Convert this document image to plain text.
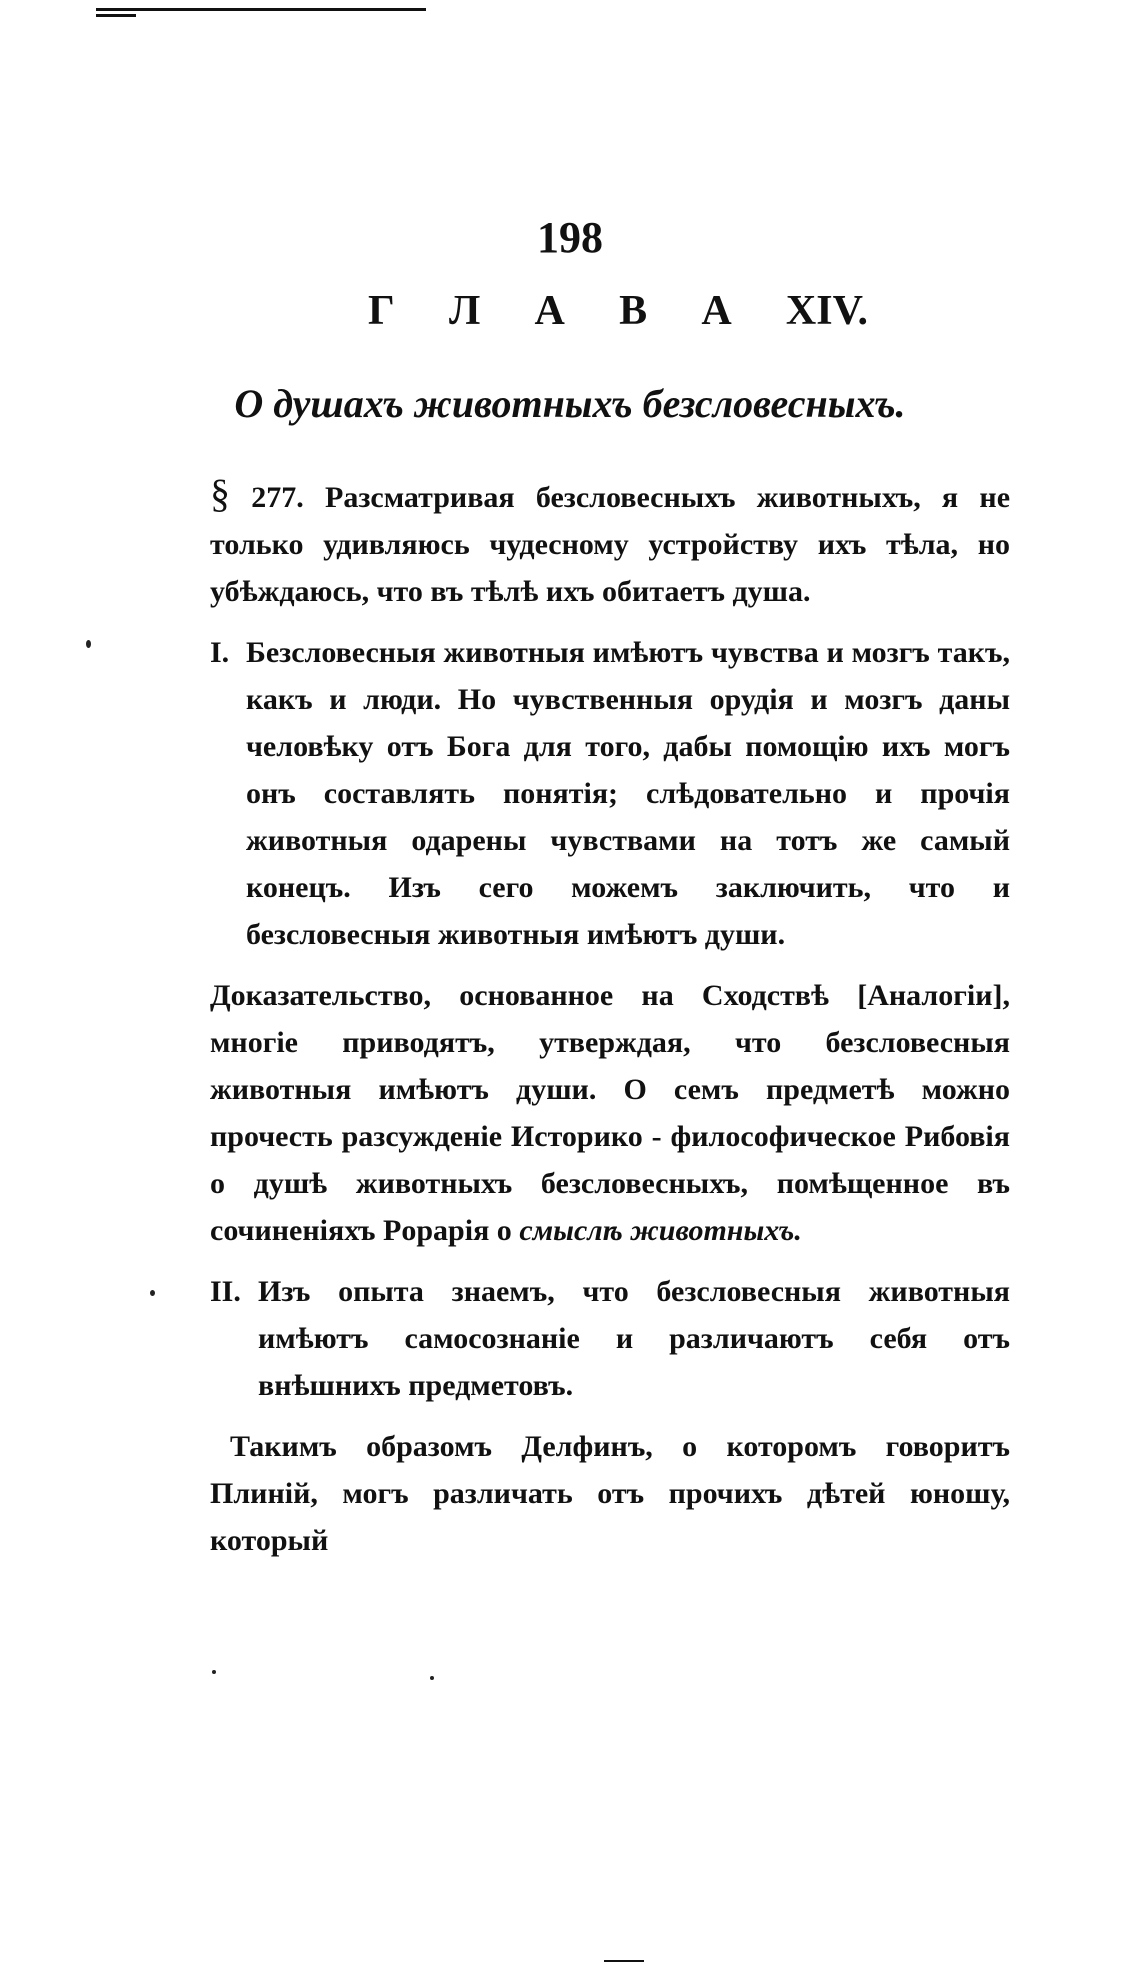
198
Г Л А В А XIV.
О душахъ животныхъ безсловесныхъ.

§ 277. Разсматривая безсловесныхъ животныхъ, я не только удивляюсь чудесному устройству ихъ тѣла, но убѣждаюсь, что въ тѣлѣ ихъ обитаетъ душа.

I. Безсловесныя животныя имѣютъ чувства и мозгъ такъ, какъ и люди. Но чувственныя орудія и мозгъ даны человѣку отъ Бога для того, дабы помощію ихъ могъ онъ составлять понятія; слѣдовательно и прочія животныя одарены чувствами на тотъ же самый конецъ. Изъ сего можемъ заключить, что и безсловесныя животныя имѣютъ души.

Доказательство, основанное на Сходствѣ [Аналогіи], многіе приводятъ, утверждая, что безсловесныя животныя имѣютъ души. О семъ предметѣ можно прочесть разсужденіе Историко - философическое Рибовія о душѣ животныхъ безсловесныхъ, помѣщенное въ сочиненіяхъ Popapія о смыслѣ животныхъ.

II. Изъ опыта знаемъ, что безсловесныя животныя имѣютъ самосознаніе и различаютъ себя отъ внѣшнихъ предметовъ.

Такимъ образомъ Делфинъ, о которомъ говоритъ Плиній, могъ различать отъ прочихъ дѣтей юношу, который
